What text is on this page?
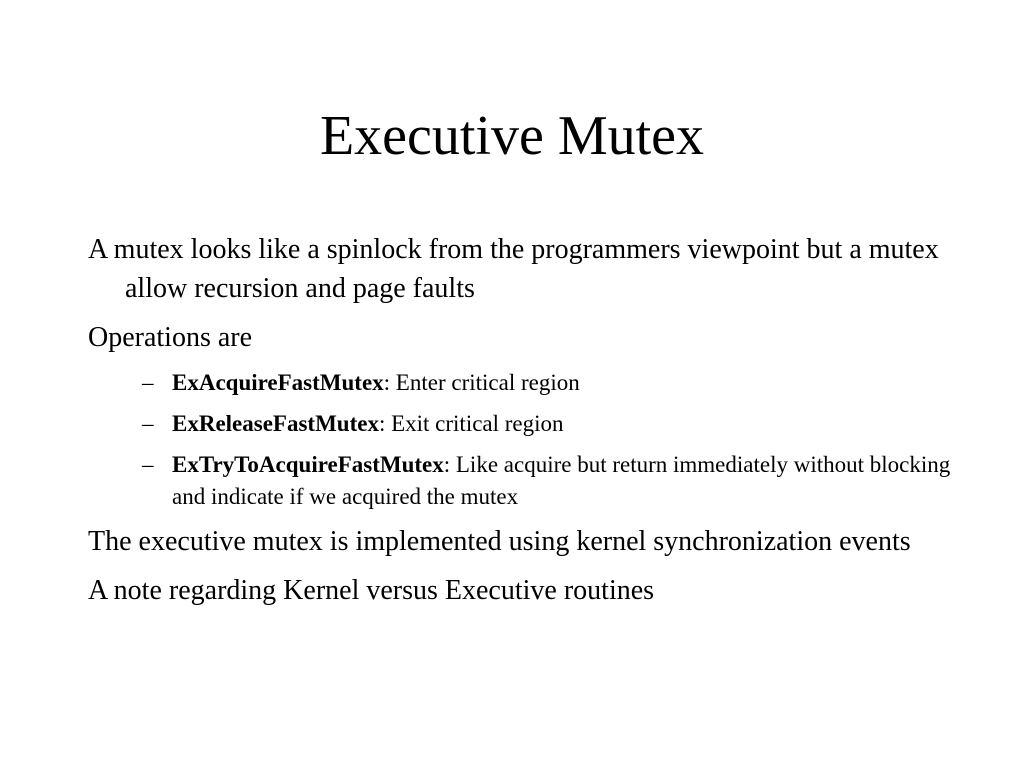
Executive Mutex
A mutex looks like a spinlock from the programmers viewpoint but a mutex allow recursion and page faults
Operations are
– ExAcquireFastMutex: Enter critical region
– ExReleaseFastMutex: Exit critical region
– ExTryToAcquireFastMutex: Like acquire but return immediately without blocking and indicate if we acquired the mutex
The executive mutex is implemented using kernel synchronization events
A note regarding Kernel versus Executive routines
